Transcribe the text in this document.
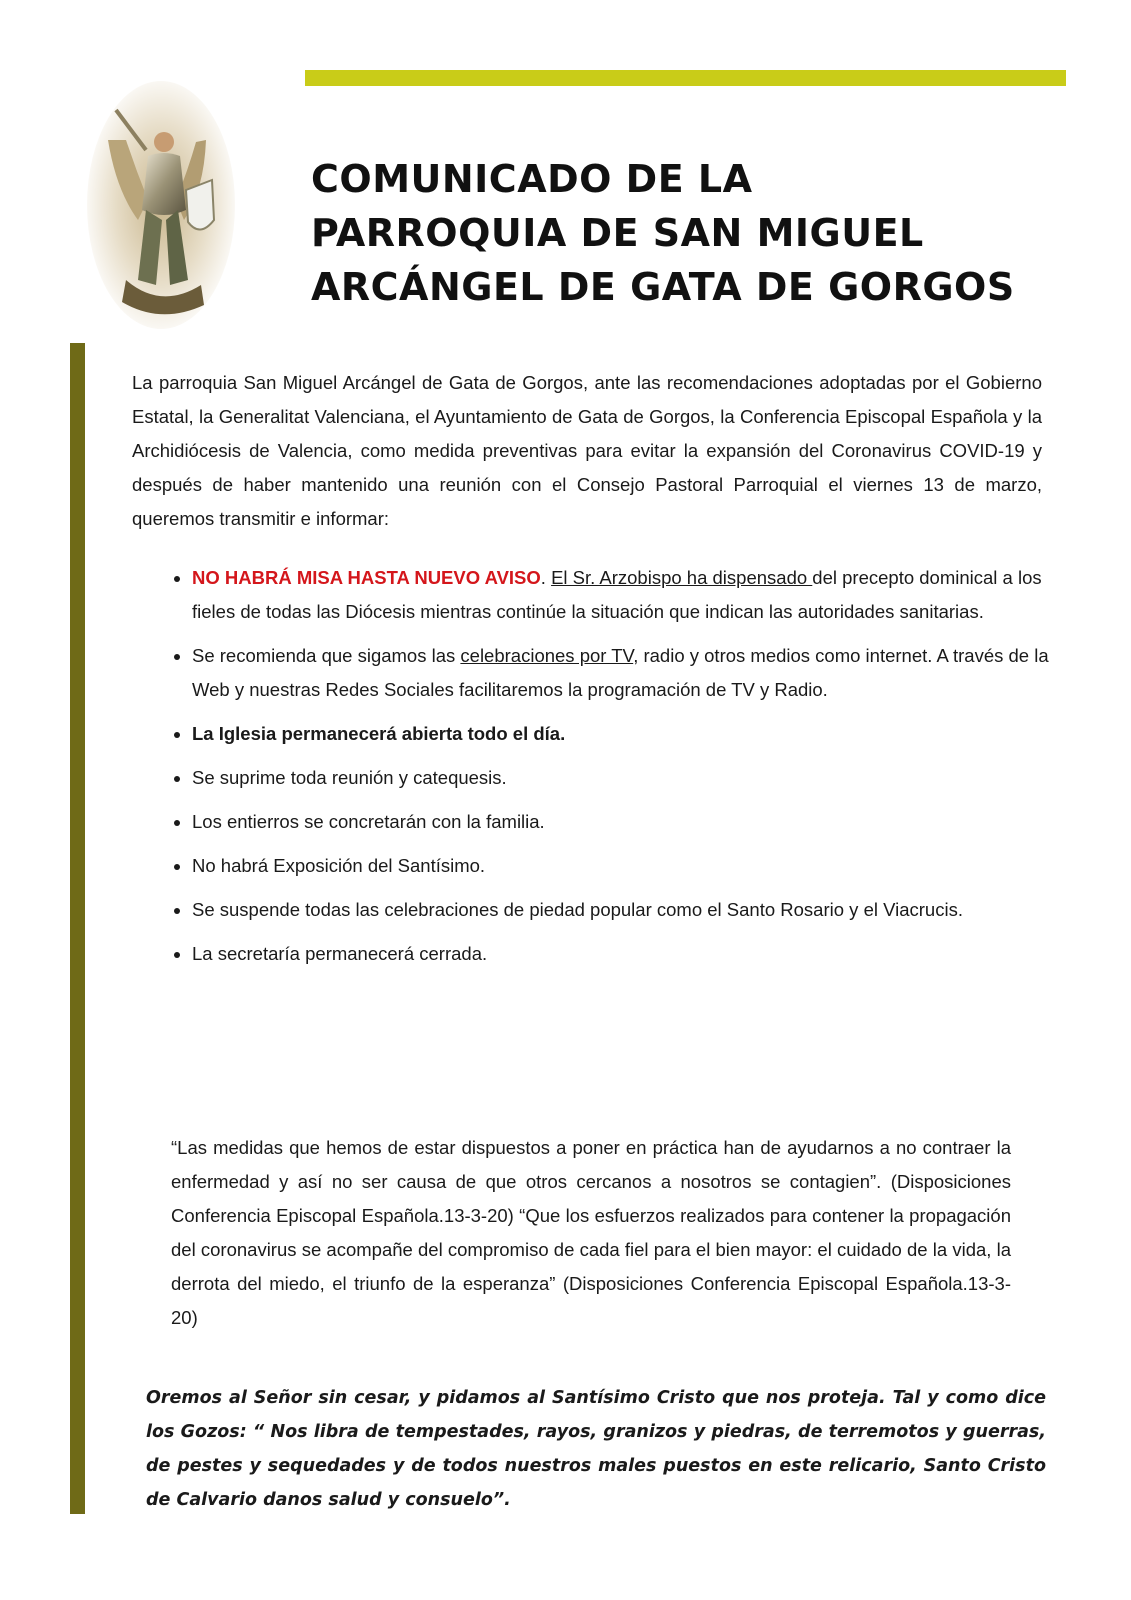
COMUNICADO DE LA
PARROQUIA DE SAN MIGUEL
ARCÁNGEL DE GATA DE GORGOS

La parroquia San Miguel Arcángel de Gata de Gorgos, ante las recomendaciones adoptadas por el Gobierno Estatal, la Generalitat Valenciana, el Ayuntamiento de Gata de Gorgos, la Conferencia Episcopal Española y la Archidiócesis de Valencia, como medida preventivas para evitar la expansión del Coronavirus COVID-19 y después de haber mantenido una reunión con el Consejo Pastoral Parroquial el viernes 13 de marzo, queremos transmitir e informar:

• NO HABRÁ MISA HASTA NUEVO AVISO. El Sr. Arzobispo ha dispensado del precepto dominical a los fieles de todas las Diócesis mientras continúe la situación que indican las autoridades sanitarias.
• Se recomienda que sigamos las celebraciones por TV, radio y otros medios como internet. A través de la Web y nuestras Redes Sociales facilitaremos la programación de TV y Radio.
• La Iglesia permanecerá abierta todo el día.
• Se suprime toda reunión y catequesis.
• Los entierros se concretarán con la familia.
• No habrá Exposición del Santísimo.
• Se suspende todas las celebraciones de piedad popular como el Santo Rosario y el Viacrucis.
• La secretaría permanecerá cerrada.

“Las medidas que hemos de estar dispuestos a poner en práctica han de ayudarnos a no contraer la enfermedad y así no ser causa de que otros cercanos a nosotros se contagien”. (Disposiciones Conferencia Episcopal Española.13-3-20) “Que los esfuerzos realizados para contener la propagación del coronavirus se acompañe del compromiso de cada fiel para el bien mayor: el cuidado de la vida, la derrota del miedo, el triunfo de la esperanza” (Disposiciones Conferencia Episcopal Española.13-3-20)

Oremos al Señor sin cesar, y pidamos al Santísimo Cristo que nos proteja. Tal y como dice los Gozos: “ Nos libra de tempestades, rayos, granizos y piedras, de terremotos y guerras, de pestes y sequedades y de todos nuestros males puestos en este relicario, Santo Cristo de Calvario danos salud y consuelo”.
